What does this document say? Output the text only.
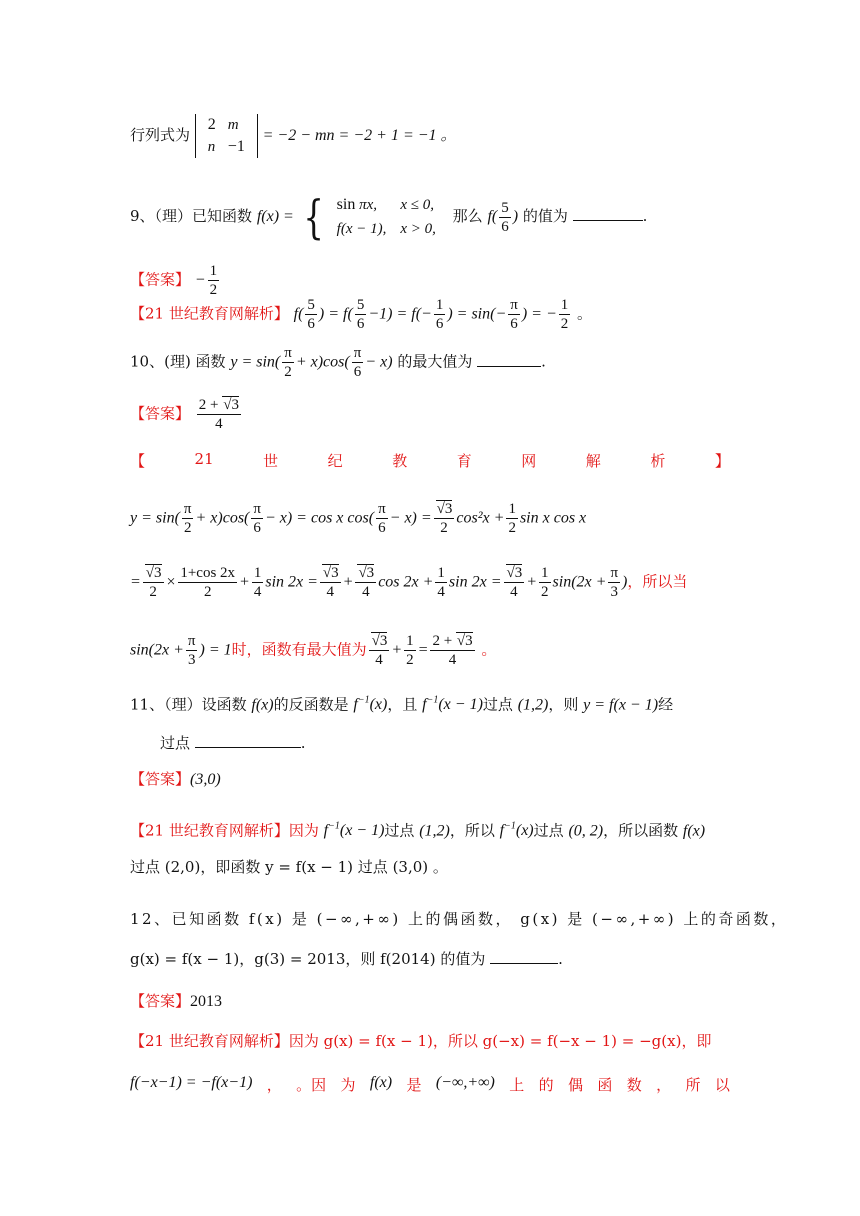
行列式为
2	m
n	−1
= −2 − mn = −2 + 1 = −1 。
9、（理）已知函数 f(x) = { sin πx,	x ≤ 0,
f(x − 1),	x > 0,
那么 $f( \frac{5}{6}$ ) 的值为	.
【答案】 − $\frac{1}{2}$
【21 世纪教育网解析】 $f( \frac{5}{6}$ ) = $f( \frac{5}{6} -1) = f(- \frac{1}{6}$ ) = $\sin(- \frac{\pi}{6}$ ) = − $\frac{1}{2}$ 。
10、(理) 函数 $y = \sin( \frac{\pi}{2} + x)\cos( \frac{\pi}{6} - x)$ 的最大值为	.
【答案】 $\frac{2 + √3}{4}$
【	21	世	纪	教	育	网	解	析	】
$y = \sin( \frac{\pi}{2} + x)\cos( \frac{\pi}{6} - x) = \cos x$ $\cos( \frac{\pi}{6} - x) = \frac{√3}{2} \cos^2x + \frac{1}{2}$ sin x cos x
= $\frac{√3}{2} \times \frac{1+\cos 2x}{2} + \frac{1}{4}$ $\sin 2x = \frac{√3}{4} + \frac{√3}{4}$ $\cos 2x + \frac{1}{4}$ $\sin 2x = \frac{√3}{4} + \frac{1}{2} \sin(2x + \frac{\pi}{3}$ )，所以当
$\sin(2x + \frac{\pi}{3}$ ) = 1时，函数有最大值为 $\frac{√3}{4} + \frac{1}{2} = \frac{2 + √3}{4}$ 。
11、（理）设函数 f(x)的反函数是 $f^{-1}(x)$，且 $f^{-1}(x - 1)$过点 (1,2)，则 y = f(x − 1)经
过点	.
【答案】(3,0)
【21 世纪教育网解析】因为 $f^{-1}(x - 1)$过点 (1,2)，所以 $f^{-1}(x)$过点 (0, 2)，所以函数 f(x)
过点 (2,0)，即函数 y = f(x − 1) 过点 (3,0) 。
12、已知函数 f(x) 是 (−∞,+∞) 上的偶函数， g(x) 是 (−∞,+∞) 上的奇函数，
g(x) = f(x − 1)，g(3) = 2013，则 f(2014) 的值为	.
【答案】2013
【21 世纪教育网解析】因为 g(x) = f(x − 1)，所以 g(−x) = f(−x − 1) = −g(x)，即
f(−x−1) = −f(x−1) ， 。因 为 f(x) 是 (−∞,+∞) 上 的 偶 函 数 ， 所 以
